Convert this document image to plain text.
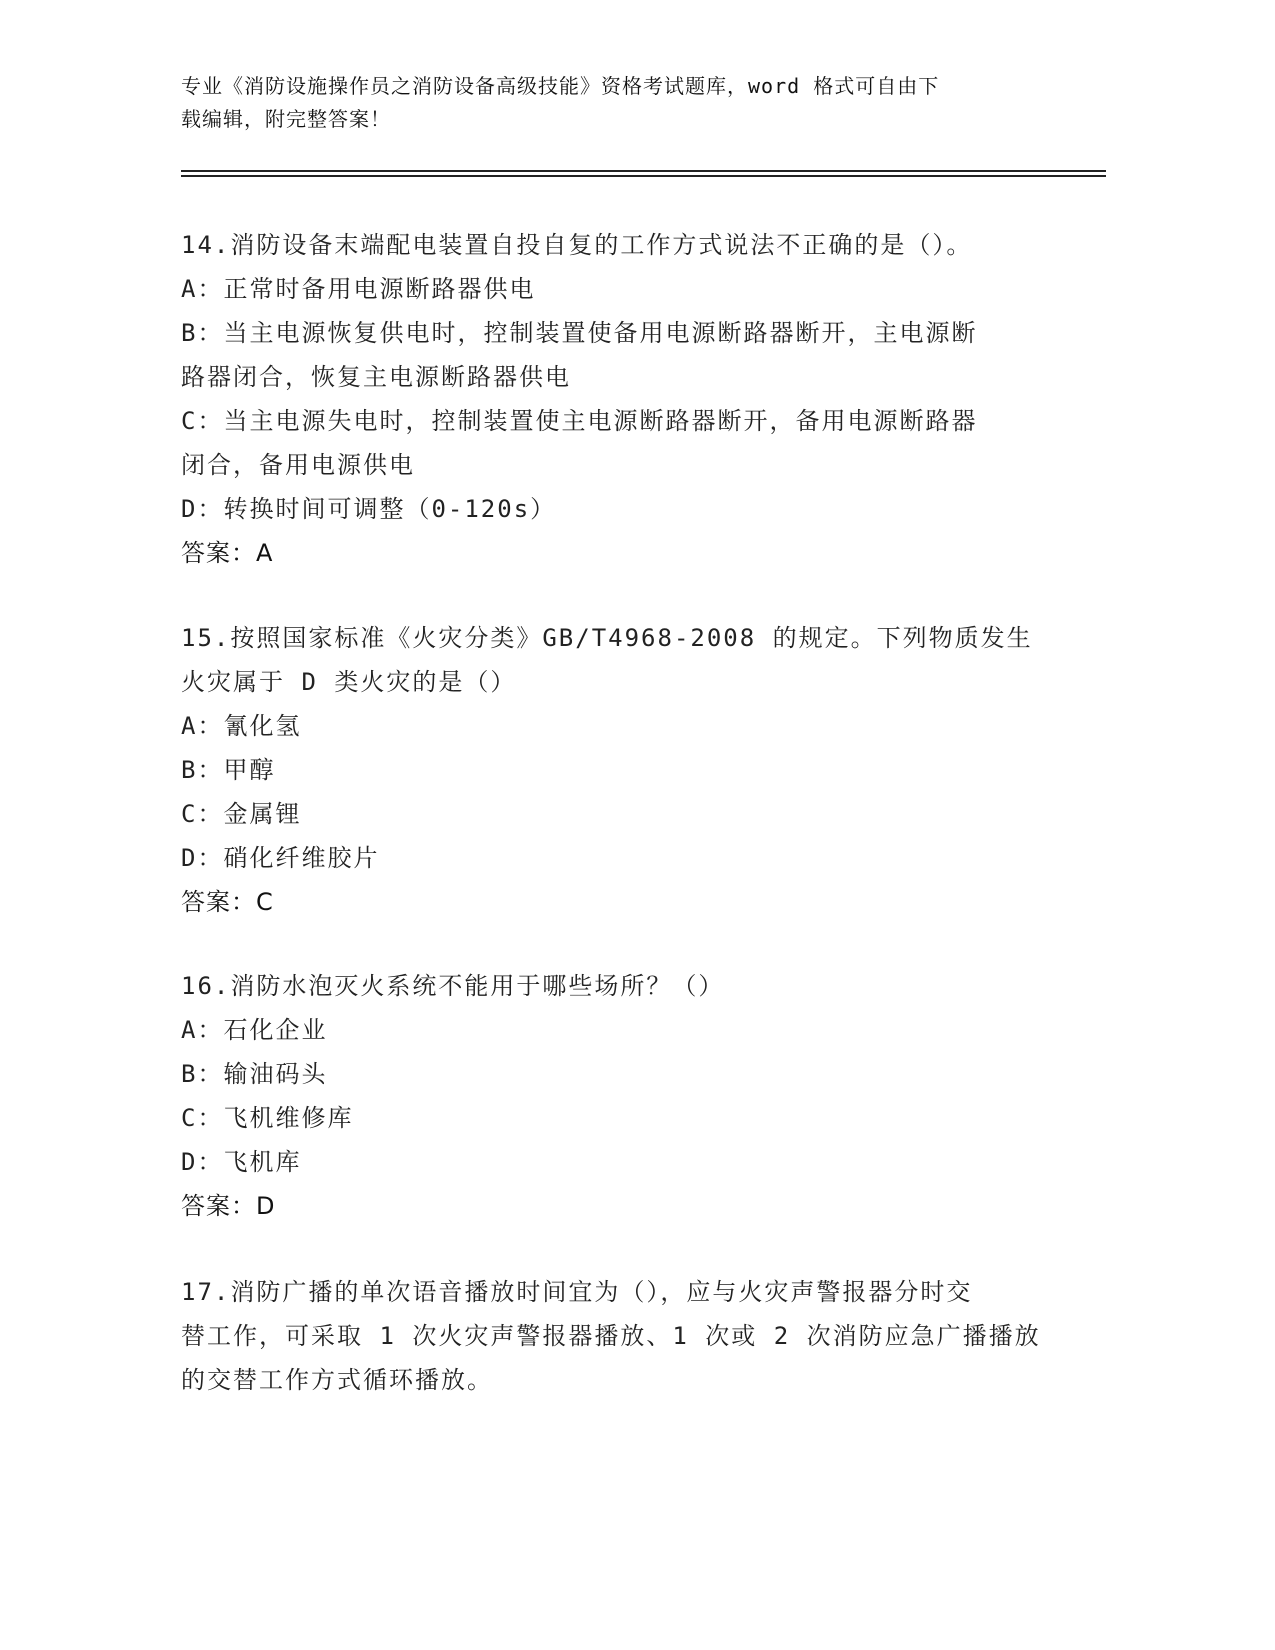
专业《消防设施操作员之消防设备高级技能》资格考试题库，word 格式可自由下
载编辑，附完整答案！
14.消防设备末端配电装置自投自复的工作方式说法不正确的是（）。
A：正常时备用电源断路器供电
B：当主电源恢复供电时，控制装置使备用电源断路器断开，主电源断
路器闭合，恢复主电源断路器供电
C：当主电源失电时，控制装置使主电源断路器断开，备用电源断路器
闭合，备用电源供电
D：转换时间可调整（0-120s）
答案：A
15.按照国家标准《火灾分类》GB/T4968-2008 的规定。下列物质发生
火灾属于 D 类火灾的是（）
A：氰化氢
B：甲醇
C：金属锂
D：硝化纤维胶片
答案：C
16.消防水泡灭火系统不能用于哪些场所？（）
A：石化企业
B：输油码头
C：飞机维修库
D：飞机库
答案：D
17.消防广播的单次语音播放时间宜为（），应与火灾声警报器分时交
替工作，可采取 1 次火灾声警报器播放、1 次或 2 次消防应急广播播放
的交替工作方式循环播放。
